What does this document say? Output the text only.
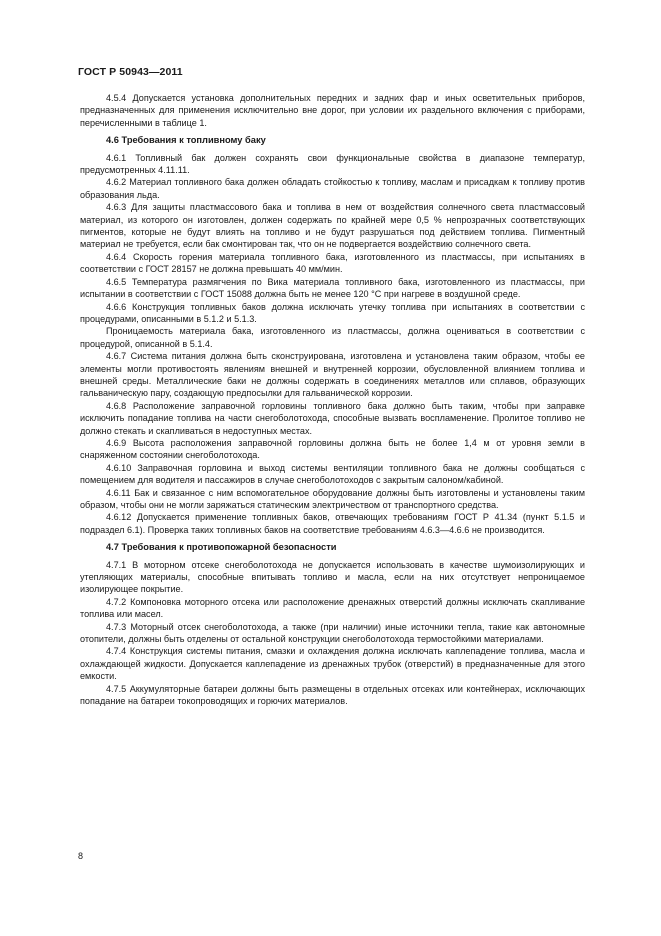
ГОСТ Р 50943—2011

4.5.4 Допускается установка дополнительных передних и задних фар и иных осветительных приборов, предназначенных для применения исключительно вне дорог, при условии их раздельного включения с приборами, перечисленными в таблице 1.

4.6 Требования к топливному баку

4.6.1 Топливный бак должен сохранять свои функциональные свойства в диапазоне температур, предусмотренных 4.11.11.

4.6.2 Материал топливного бака должен обладать стойкостью к топливу, маслам и присадкам к топливу против образования льда.

4.6.3 Для защиты пластмассового бака и топлива в нем от воздействия солнечного света пластмассовый материал, из которого он изготовлен, должен содержать по крайней мере 0,5 % непрозрачных соответствующих пигментов, которые не будут влиять на топливо и не будут разрушаться под действием топлива. Пигментный материал не требуется, если бак смонтирован так, что он не подвергается воздействию солнечного света.

4.6.4 Скорость горения материала топливного бака, изготовленного из пластмассы, при испытаниях в соответствии с ГОСТ 28157 не должна превышать 40 мм/мин.

4.6.5 Температура размягчения по Вика материала топливного бака, изготовленного из пластмассы, при испытании в соответствии с ГОСТ 15088 должна быть не менее 120 °С при нагреве в воздушной среде.

4.6.6 Конструкция топливных баков должна исключать утечку топлива при испытаниях в соответствии с процедурами, описанными в 5.1.2 и 5.1.3.

Проницаемость материала бака, изготовленного из пластмассы, должна оцениваться в соответствии с процедурой, описанной в 5.1.4.

4.6.7 Система питания должна быть сконструирована, изготовлена и установлена таким образом, чтобы ее элементы могли противостоять явлениям внешней и внутренней коррозии, обусловленной влиянием топлива и внешней среды. Металлические баки не должны содержать в соединениях металлов или сплавов, образующих гальваническую пару, создающую предпосылки для гальванической коррозии.

4.6.8 Расположение заправочной горловины топливного бака должно быть таким, чтобы при заправке исключить попадание топлива на части снегоболотохода, способные вызвать воспламенение. Пролитое топливо не должно стекать и скапливаться в недоступных местах.

4.6.9 Высота расположения заправочной горловины должна быть не более 1,4 м от уровня земли в снаряженном состоянии снегоболотохода.

4.6.10 Заправочная горловина и выход системы вентиляции топливного бака не должны сообщаться с помещением для водителя и пассажиров в случае снегоболотоходов с закрытым салоном/кабиной.

4.6.11 Бак и связанное с ним вспомогательное оборудование должны быть изготовлены и установлены таким образом, чтобы они не могли заряжаться статическим электричеством от транспортного средства.

4.6.12 Допускается применение топливных баков, отвечающих требованиям ГОСТ Р 41.34 (пункт 5.1.5 и подраздел 6.1). Проверка таких топливных баков на соответствие требованиям 4.6.3—4.6.6 не производится.

4.7 Требования к противопожарной безопасности

4.7.1 В моторном отсеке снегоболотохода не допускается использовать в качестве шумоизолирующих и утепляющих материалы, способные впитывать топливо и масла, если на них отсутствует непроницаемое изолирующее покрытие.

4.7.2 Компоновка моторного отсека или расположение дренажных отверстий должны исключать скапливание топлива или масел.

4.7.3 Моторный отсек снегоболотохода, а также (при наличии) иные источники тепла, такие как автономные отопители, должны быть отделены от остальной конструкции снегоболотохода термостойкими материалами.

4.7.4 Конструкция системы питания, смазки и охлаждения должна исключать каплепадение топлива, масла и охлаждающей жидкости. Допускается каплепадение из дренажных трубок (отверстий) в предназначенные для этого емкости.

4.7.5 Аккумуляторные батареи должны быть размещены в отдельных отсеках или контейнерах, исключающих попадание на батареи токопроводящих и горючих материалов.

8
